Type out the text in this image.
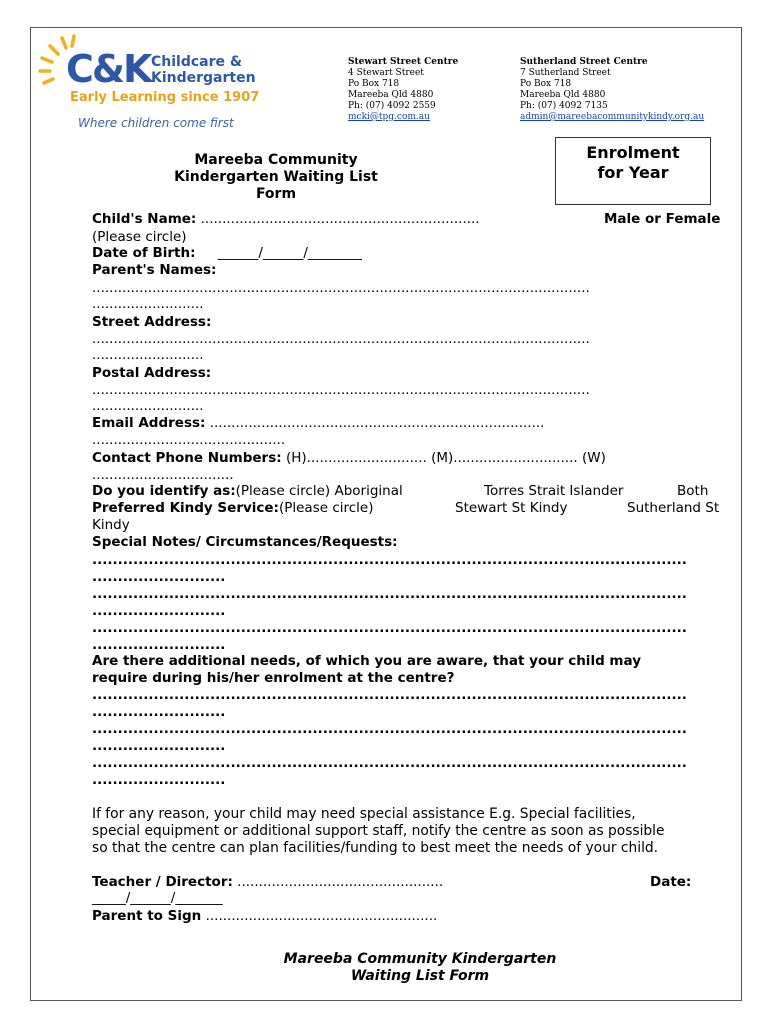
C&K Childcare &
Kindergarten
Early Learning since 1907
Where children come first
Stewart Street Centre
4 Stewart Street
Po Box 718
Mareeba Qld 4880
Ph: (07) 4092 2559
mcki@tpg.com.au
Sutherland Street Centre
7 Sutherland Street
Po Box 718
Mareeba Qld 4880
Ph: (07) 4092 7135
admin@mareebacommunitykindy.org.au
Mareeba Community
Kindergarten Waiting List
Form
Enrolment
for Year
Child's Name: .................................................................	Male or Female
(Please circle)
Date of Birth: ______/______/________
Parent's Names:
....................................................................................................................
..........................
Street Address:
....................................................................................................................
..........................
Postal Address:
....................................................................................................................
..........................
Email Address: ..............................................................................
.............................................
Contact Phone Numbers: (H)............................ (M)............................. (W)
.................................
Do you identify as:(Please circle) Aboriginal	Torres Strait Islander	Both
Preferred Kindy Service:(Please circle)	Stewart St Kindy	Sutherland St
Kindy
Special Notes/ Circumstances/Requests:
....................................................................................................................
..........................
....................................................................................................................
..........................
....................................................................................................................
..........................
Are there additional needs, of which you are aware, that your child may
require during his/her enrolment at the centre?
....................................................................................................................
..........................
....................................................................................................................
..........................
....................................................................................................................
..........................
If for any reason, your child may need special assistance E.g. Special facilities,
special equipment or additional support staff, notify the centre as soon as possible
so that the centre can plan facilities/funding to best meet the needs of your child.
Teacher / Director: ................................................	Date:
_____/______/_______
Parent to Sign ......................................................
Mareeba Community Kindergarten
Waiting List Form
